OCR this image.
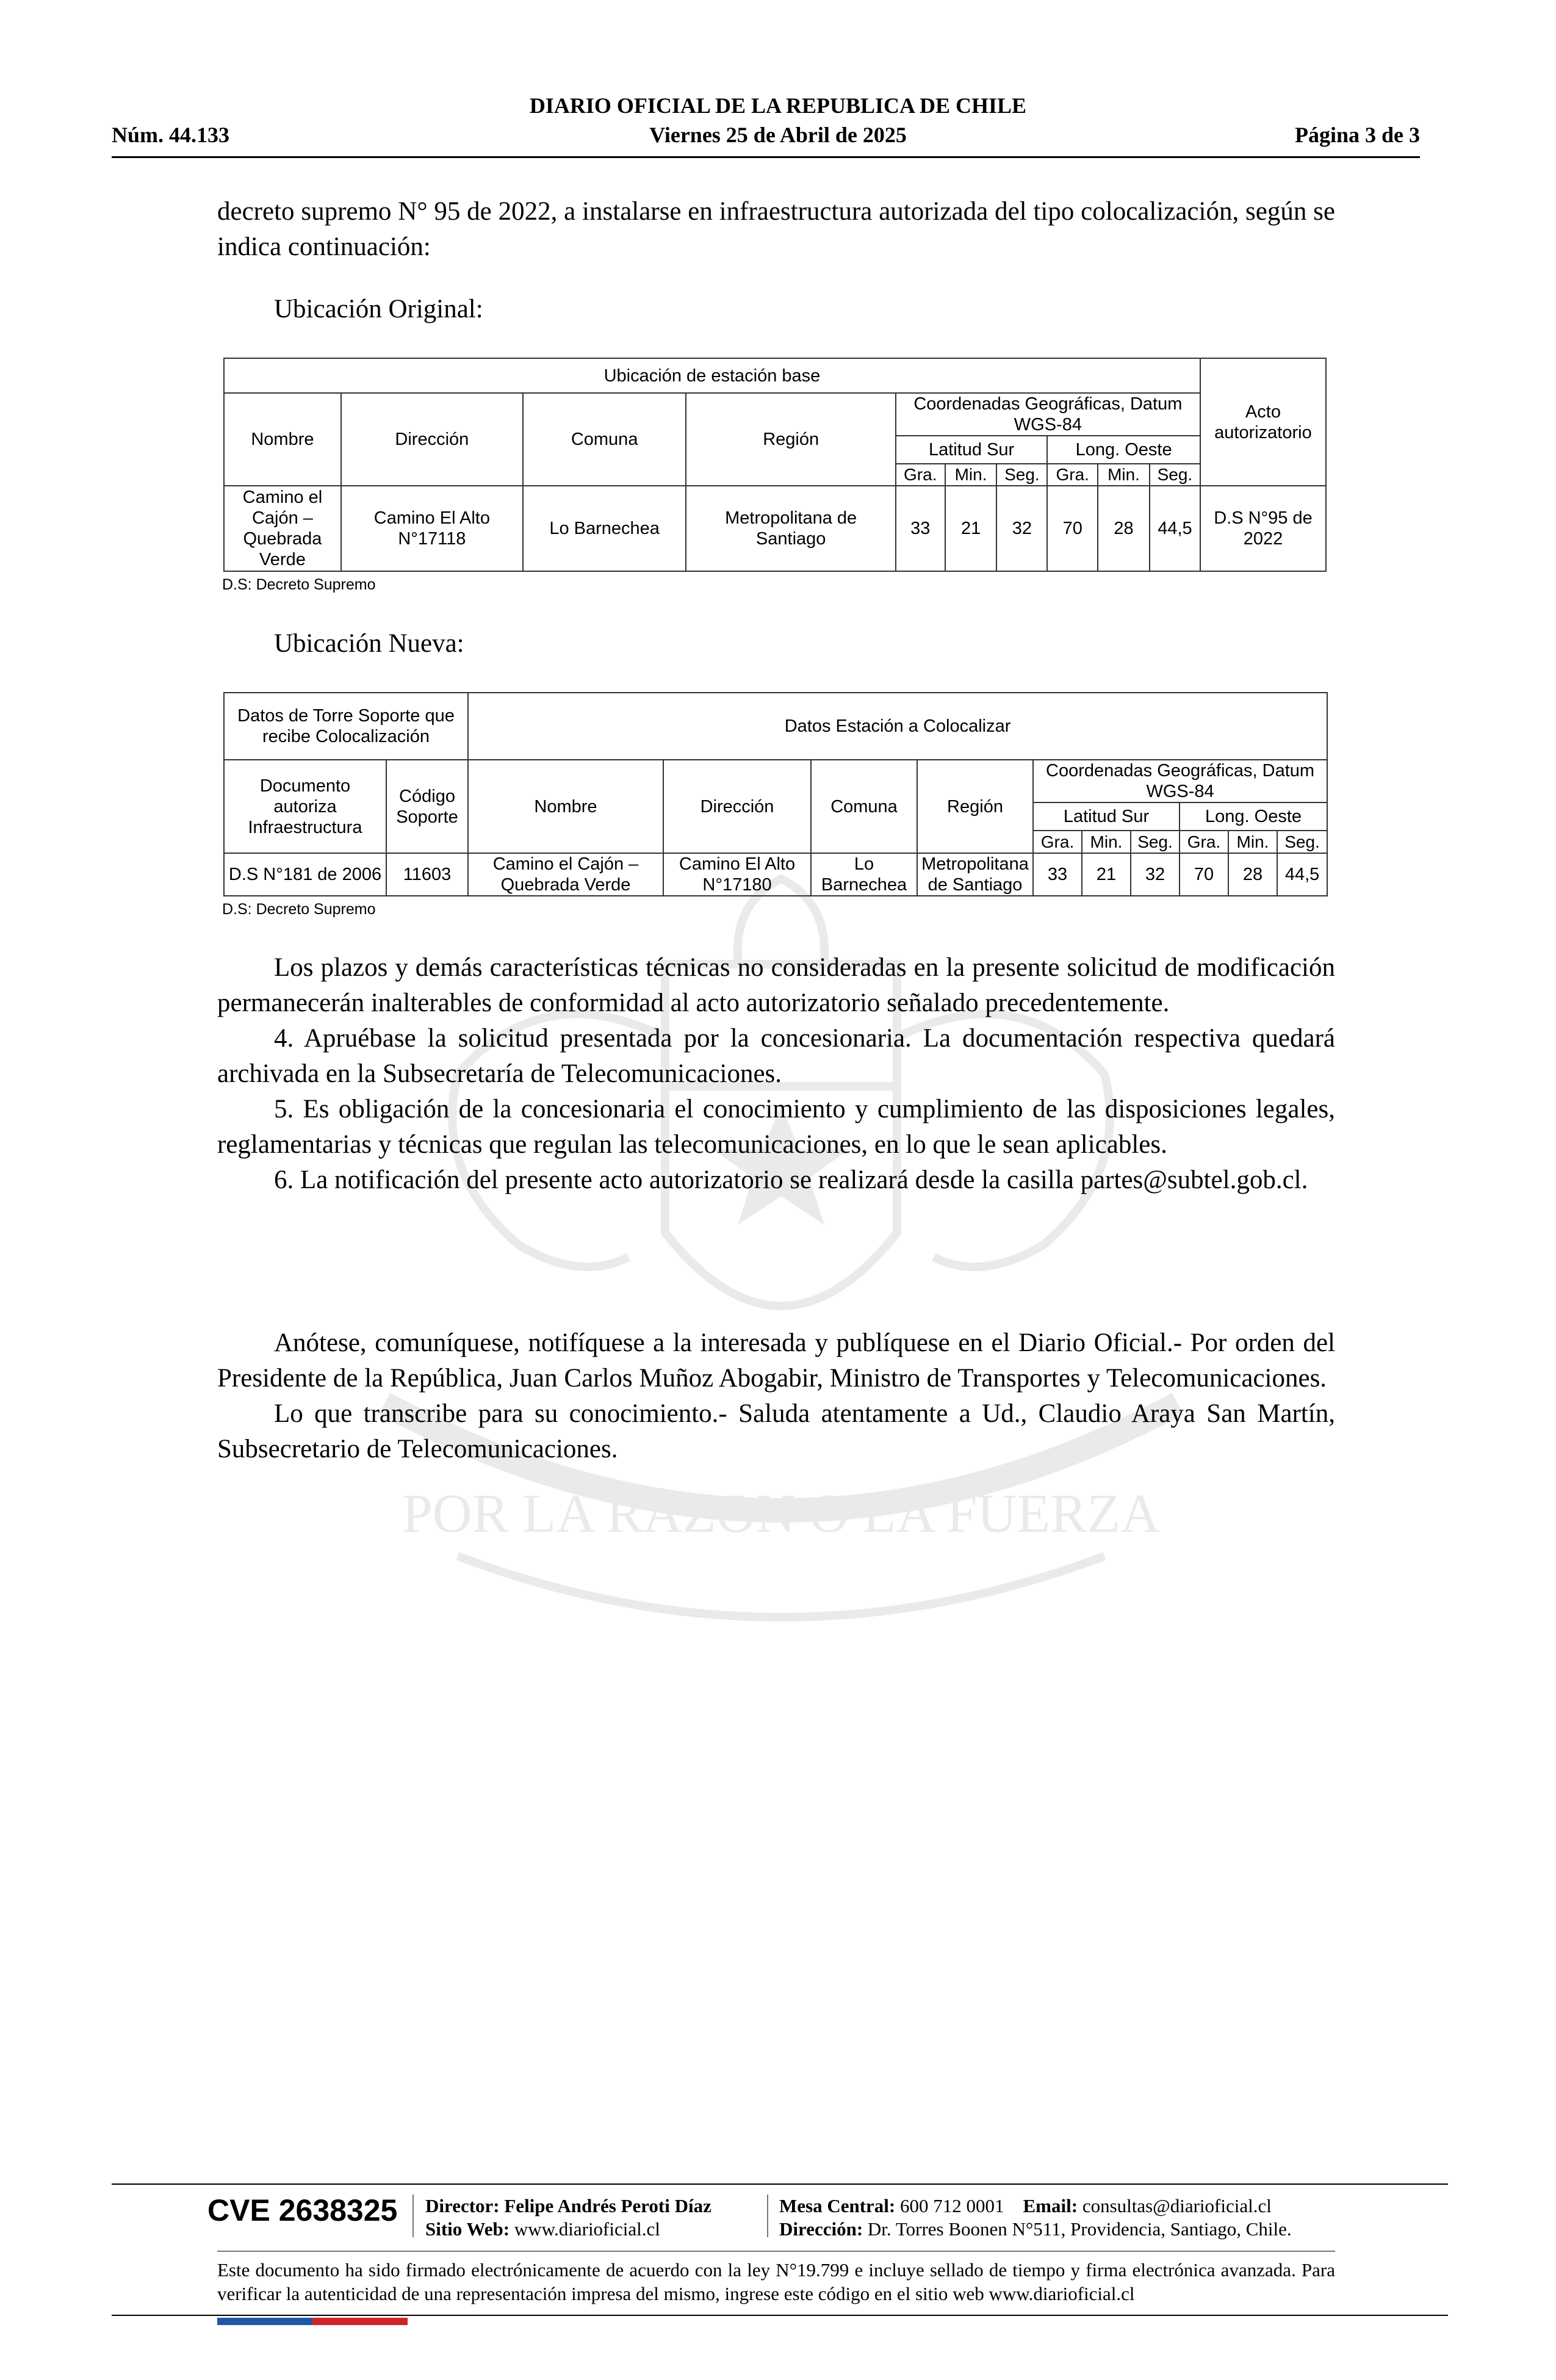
POR LA RAZON O LA FUERZA
DIARIO OFICIAL DE LA REPUBLICA DE CHILE
Núm. 44.133	Viernes 25 de Abril de 2025	Página 3 de 3

decreto supremo N° 95 de 2022, a instalarse en infraestructura autorizada del tipo colocalización, según se indica continuación:

Ubicación Original:
Ubicación de estación base										Acto autorizatorio
Nombre	Dirección	Comuna	Región	Coordenadas Geográficas, Datum WGS-84						
				Latitud Sur			Long. Oeste			
				Gra.	Min.	Seg.	Gra.	Min.	Seg.	
Camino el Cajón – Quebrada Verde	Camino El Alto N°17118	Lo Barnechea	Metropolitana de Santiago	33	21	32	70	28	44,5	D.S N°95 de 2022
D.S: Decreto Supremo
Ubicación Nueva:
Datos de Torre Soporte que recibe Colocalización		Datos Estación a Colocalizar									
Documento autoriza Infraestructura	Código Soporte	Nombre	Dirección	Comuna	Región	Coordenadas Geográficas, Datum WGS-84					
						Latitud Sur			Long. Oeste		
						Gra.	Min.	Seg.	Gra.	Min.	Seg.
D.S N°181 de 2006	11603	Camino el Cajón – Quebrada Verde	Camino El Alto N°17180	Lo Barnechea	Metropolitana de Santiago	33	21	32	70	28	44,5
D.S: Decreto Supremo

Los plazos y demás características técnicas no consideradas en la presente solicitud de modificación permanecerán inalterables de conformidad al acto autorizatorio señalado precedentemente.

4. Apruébase la solicitud presentada por la concesionaria. La documentación respectiva quedará archivada en la Subsecretaría de Telecomunicaciones.

5. Es obligación de la concesionaria el conocimiento y cumplimiento de las disposiciones legales, reglamentarias y técnicas que regulan las telecomunicaciones, en lo que le sean aplicables.

6. La notificación del presente acto autorizatorio se realizará desde la casilla partes@subtel.gob.cl.

Anótese, comuníquese, notifíquese a la interesada y publíquese en el Diario Oficial.- Por orden del Presidente de la República, Juan Carlos Muñoz Abogabir, Ministro de Transportes y Telecomunicaciones.

Lo que transcribe para su conocimiento.- Saluda atentamente a Ud., Claudio Araya San Martín, Subsecretario de Telecomunicaciones.

CVE 2638325 Director: Felipe Andrés Peroti Díaz
Sitio Web: www.diarioficial.cl
Mesa Central: 600 712 0001 Email: consultas@diarioficial.cl
Dirección: Dr. Torres Boonen N°511, Providencia, Santiago, Chile.

Este documento ha sido firmado electrónicamente de acuerdo con la ley N°19.799 e incluye sellado de tiempo y firma electrónica avanzada. Para verificar la autenticidad de una representación impresa del mismo, ingrese este código en el sitio web www.diarioficial.cl
